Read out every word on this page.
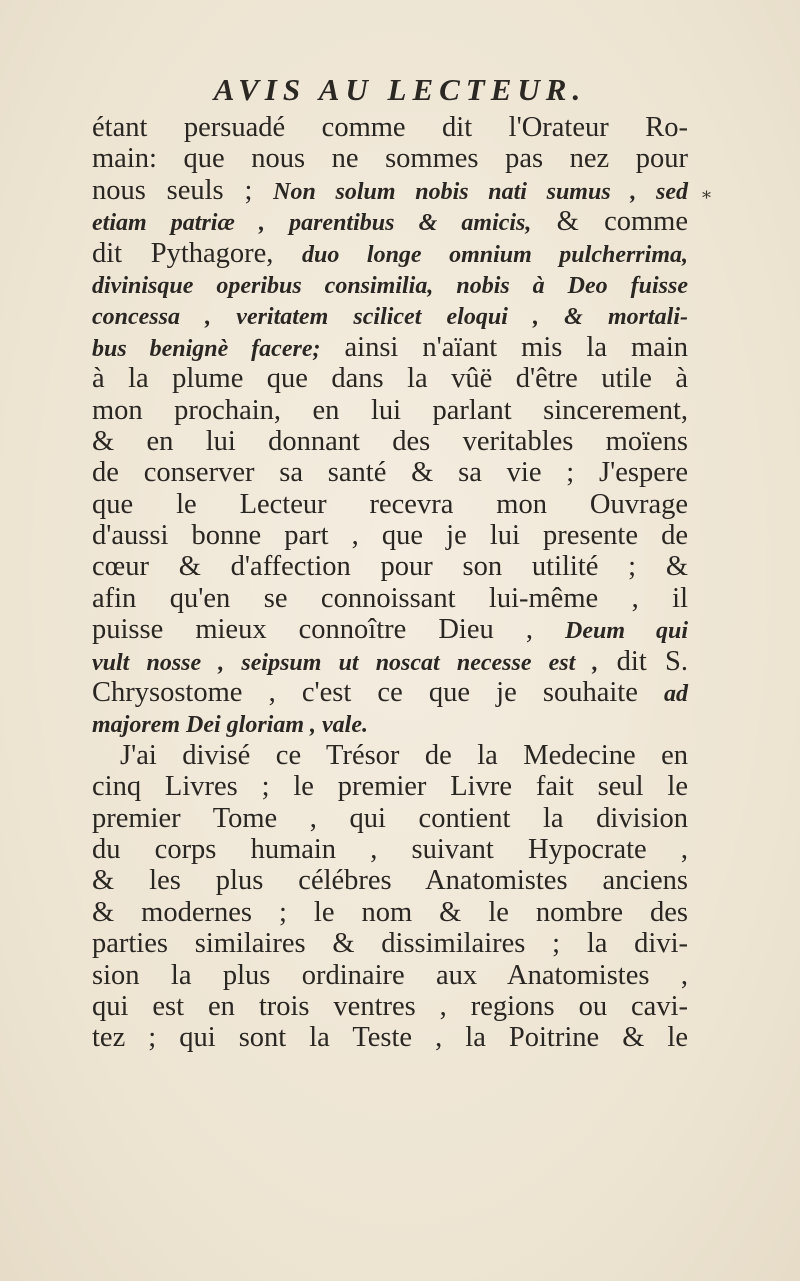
AVIS AU LECTEUR.
*
étant persuadé comme dit l'Orateur Ro-
main: que nous ne sommes pas nez pour
nous seuls ; Non solum nobis nati sumus , sed
etiam patriæ , parentibus & amicis, & comme
dit Pythagore, duo longe omnium pulcherrima,
divinisque operibus consimilia, nobis à Deo fuisse
concessa , veritatem scilicet eloqui , & mortali-
bus benignè facere; ainsi n'aïant mis la main
à la plume que dans la vûë d'être utile à
mon prochain, en lui parlant sincerement,
& en lui donnant des veritables moïens
de conserver sa santé & sa vie ; J'espere
que le Lecteur recevra mon Ouvrage
d'aussi bonne part , que je lui presente de
cœur & d'affection pour son utilité ; &
afin qu'en se connoissant lui-même , il
puisse mieux connoître Dieu , Deum qui
vult nosse , seipsum ut noscat necesse est , dit S.
Chrysostome , c'est ce que je souhaite ad
majorem Dei gloriam , vale.
J'ai divisé ce Trésor de la Medecine en
cinq Livres ; le premier Livre fait seul le
premier Tome , qui contient la division
du corps humain , suivant Hypocrate ,
& les plus célébres Anatomistes anciens
& modernes ; le nom & le nombre des
parties similaires & dissimilaires ; la divi-
sion la plus ordinaire aux Anatomistes ,
qui est en trois ventres , regions ou cavi-
tez ; qui sont la Teste , la Poitrine & le
